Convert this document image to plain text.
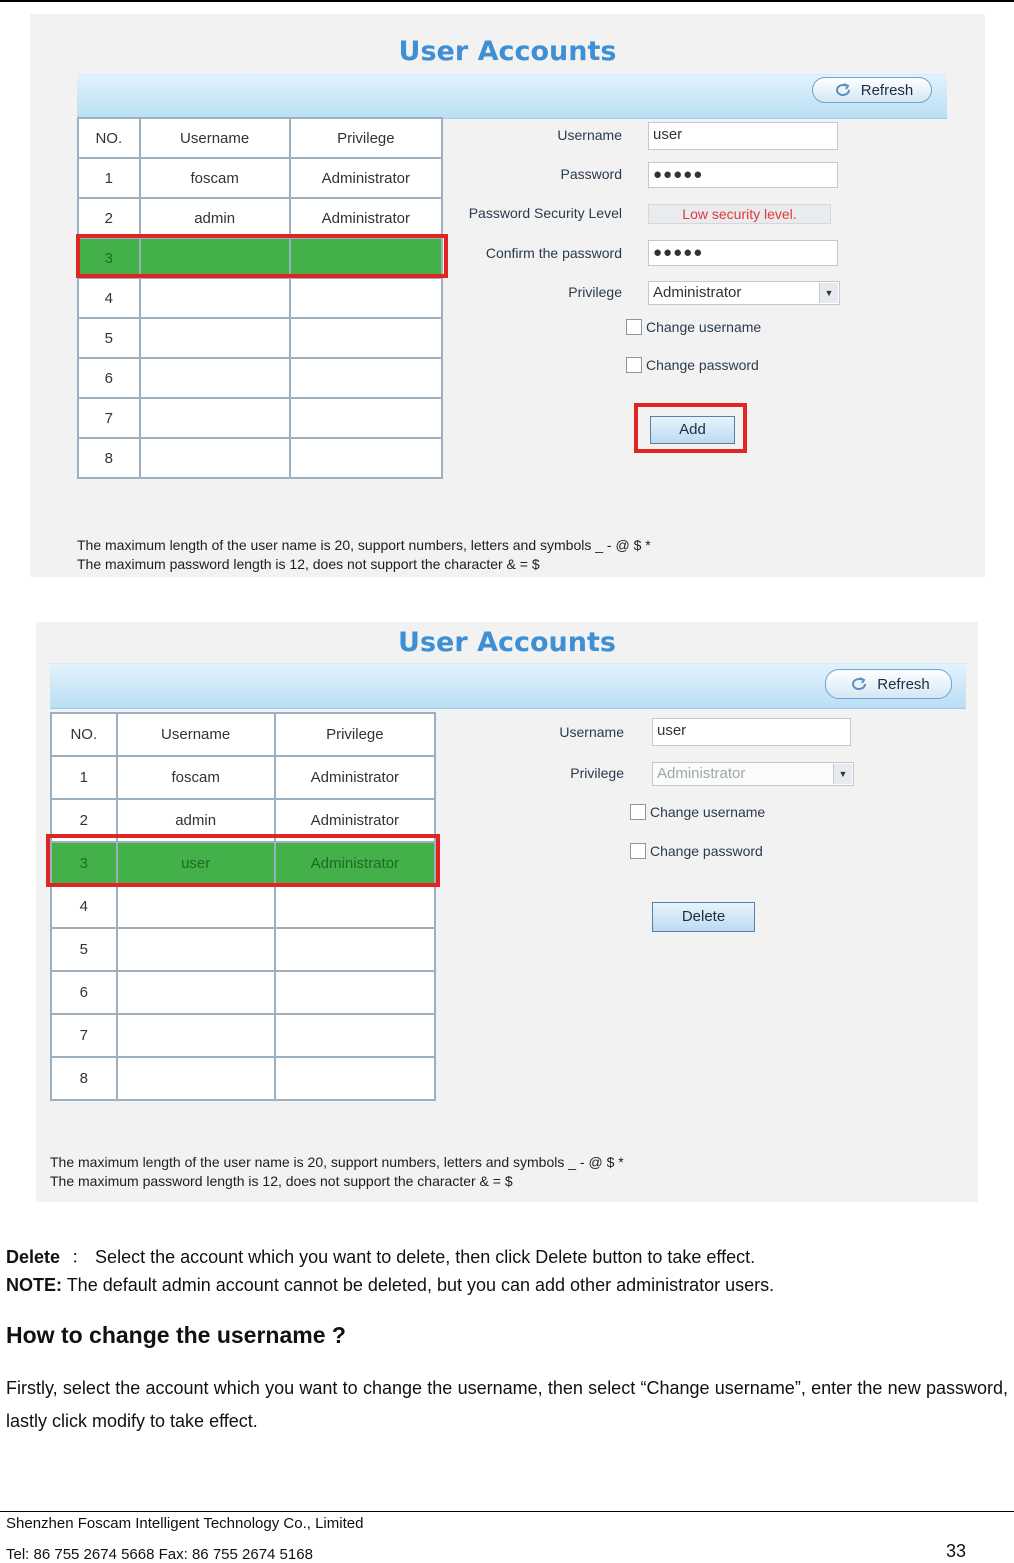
User Accounts
Refresh
NO.	Username	Privilege
1	foscam	Administrator
2	admin	Administrator
3		
4		
5		
6		
7		
8		
Username	user
Password	●●●●●
Password Security Level	Low security level.
Confirm the password	●●●●●
Privilege	Administrator	▼
Change username
Change password
Add
The maximum length of the user name is 20, support numbers, letters and symbols _ - @ $ *
The maximum password length is 12, does not support the character & = $
User Accounts
Refresh
NO.	Username	Privilege
1	foscam	Administrator
2	admin	Administrator
3	user	Administrator
4		
5		
6		
7		
8		
Username	user
Privilege	Administrator	▼
Change username
Change password
Delete
The maximum length of the user name is 20, support numbers, letters and symbols _ - @ $ *
The maximum password length is 12, does not support the character & = $
Delete ： Select the account which you want to delete, then click Delete button to take effect.
NOTE: The default admin account cannot be deleted, but you can add other administrator users.
How to change the username ?
Firstly, select the account which you want to change the username, then select “Change username”, enter the new password, lastly click modify to take effect.
Shenzhen Foscam Intelligent Technology Co., Limited
Tel: 86 755 2674 5668 Fax: 86 755 2674 5168	33
